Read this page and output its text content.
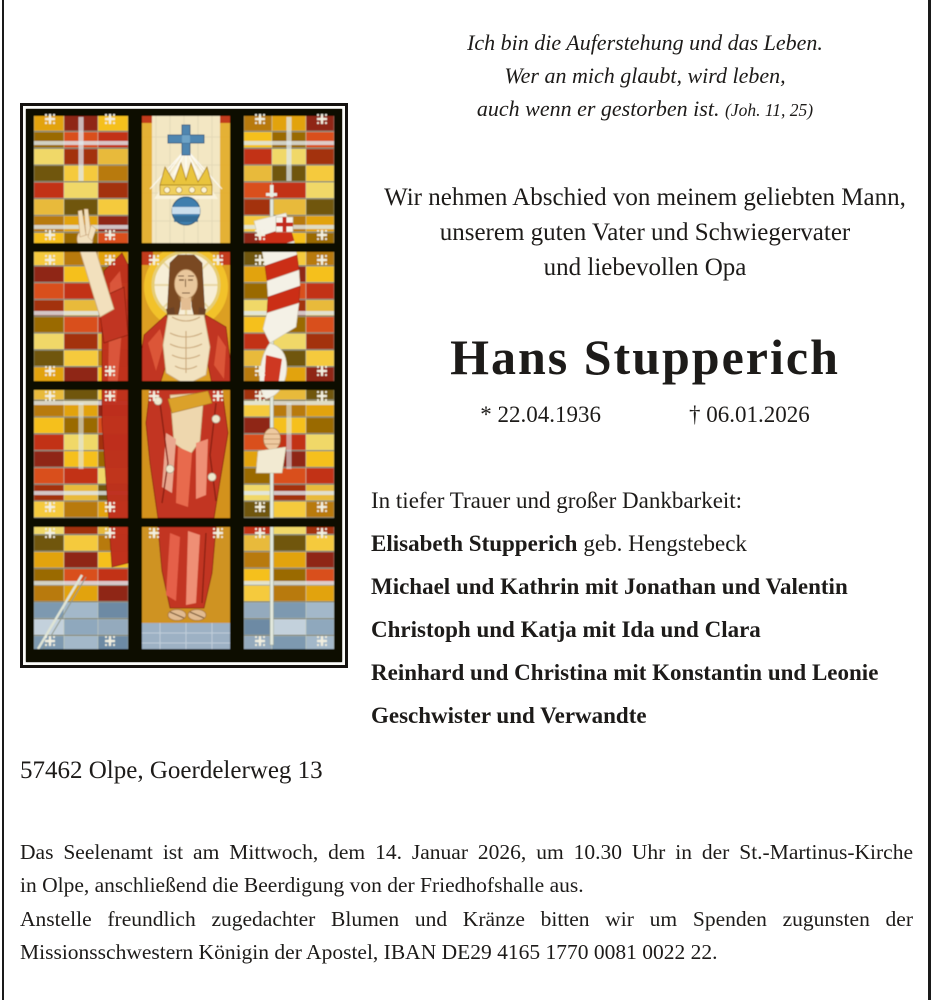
Ich bin die Auferstehung und das Leben.
Wer an mich glaubt, wird leben,
auch wenn er gestorben ist. (Joh. 11, 25)
Wir nehmen Abschied von meinem geliebten Mann,
unserem guten Vater und Schwiegervater
und liebevollen Opa
Hans Stupperich
* 22.04.1936	† 06.01.2026
In tiefer Trauer und großer Dankbarkeit:
Elisabeth Stupperich geb. Hengstebeck
Michael und Kathrin mit Jonathan und Valentin
Christoph und Katja mit Ida und Clara
Reinhard und Christina mit Konstantin und Leonie
Geschwister und Verwandte
57462 Olpe, Goerdelerweg 13
Das Seelenamt ist am Mittwoch, dem 14. Januar 2026, um 10.30 Uhr in der St.-Martinus-Kirche
in Olpe, anschließend die Beerdigung von der Friedhofshalle aus.
Anstelle freundlich zugedachter Blumen und Kränze bitten wir um Spenden zugunsten der
Missionsschwestern Königin der Apostel, IBAN DE29 4165 1770 0081 0022 22.
